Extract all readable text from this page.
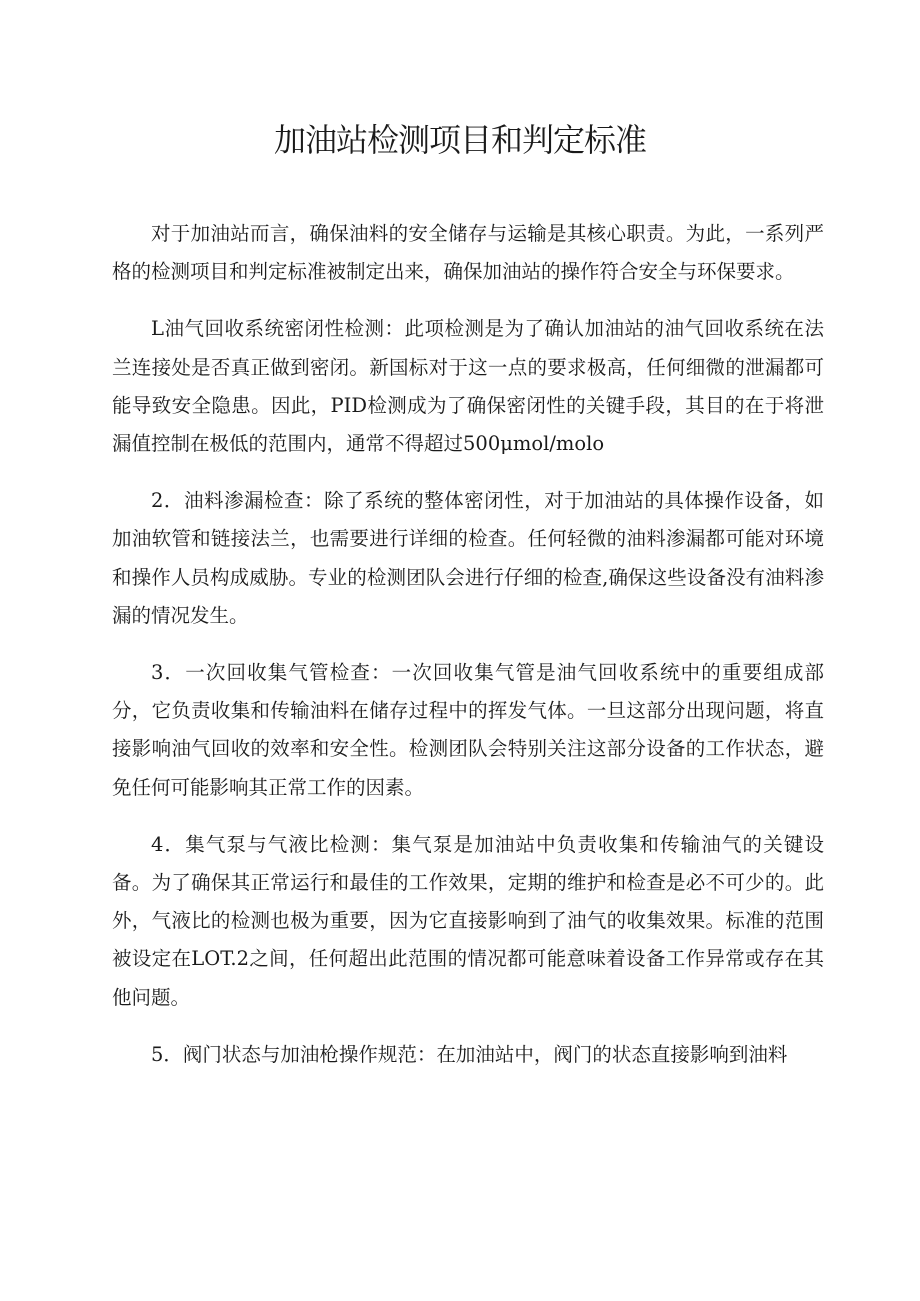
加油站检测项目和判定标准

对于加油站而言，确保油料的安全储存与运输是其核心职责。为此，一系列严格的检测项目和判定标准被制定出来，确保加油站的操作符合安全与环保要求。

L油气回收系统密闭性检测：此项检测是为了确认加油站的油气回收系统在法兰连接处是否真正做到密闭。新国标对于这一点的要求极高，任何细微的泄漏都可能导致安全隐患。因此，PID检测成为了确保密闭性的关键手段，其目的在于将泄漏值控制在极低的范围内，通常不得超过500μmol/molo

2．油料渗漏检查：除了系统的整体密闭性，对于加油站的具体操作设备，如加油软管和链接法兰，也需要进行详细的检查。任何轻微的油料渗漏都可能对环境和操作人员构成威胁。专业的检测团队会进行仔细的检查,确保这些设备没有油料渗漏的情况发生。

3．一次回收集气管检查：一次回收集气管是油气回收系统中的重要组成部分，它负责收集和传输油料在储存过程中的挥发气体。一旦这部分出现问题，将直接影响油气回收的效率和安全性。检测团队会特别关注这部分设备的工作状态，避免任何可能影响其正常工作的因素。

4．集气泵与气液比检测：集气泵是加油站中负责收集和传输油气的关键设备。为了确保其正常运行和最佳的工作效果，定期的维护和检查是必不可少的。此外，气液比的检测也极为重要，因为它直接影响到了油气的收集效果。标准的范围被设定在LOT.2之间，任何超出此范围的情况都可能意味着设备工作异常或存在其他问题。

5．阀门状态与加油枪操作规范：在加油站中，阀门的状态直接影响到油料
